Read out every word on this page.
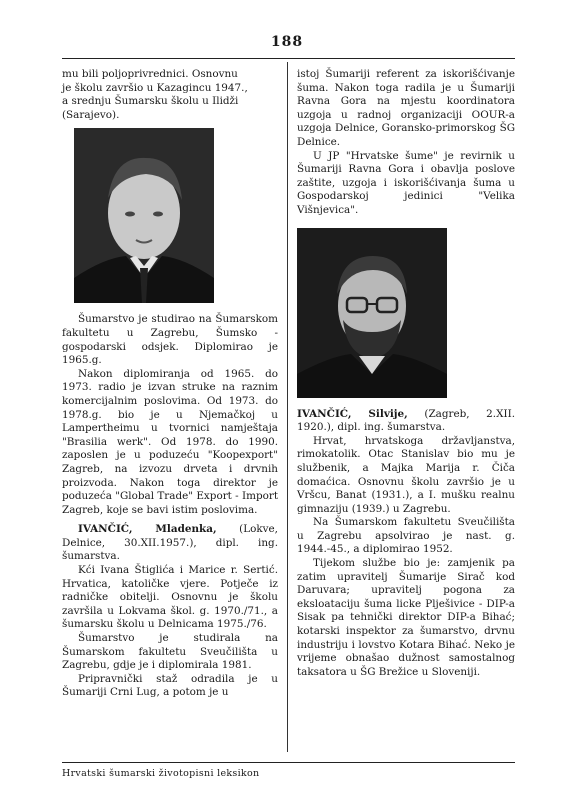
188

mu bili poljoprivrednici. Osnovnu

je školu završio u Kazagincu 1947.,

a srednju Šumarsku školu u Ilidži

(Sarajevo).

Šumarstvo je studirao na Šumarskom fakultetu u Zagrebu, Šumsko - gospodarski odsjek. Diplomirao je 1965.g.

Nakon diplomiranja od 1965. do 1973. radio je izvan struke na raznim komercijalnim poslovima. Od 1973. do 1978.g. bio je u Njemačkoj u Lampertheimu u tvornici namještaja "Brasilia werk". Od 1978. do 1990. zaposlen je u poduzeću "Koopexport" Zagreb, na izvozu drveta i drvnih proizvoda. Nakon toga direktor je poduzeća "Global Trade" Export - Import Zagreb, koje se bavi istim poslovima.

IVANČIĆ, Mladenka, (Lokve, Delnice, 30.XII.1957.), dipl. ing. šumarstva.

Kći Ivana Štiglića i Marice r. Sertić. Hrvatica, katoličke vjere. Potječe iz radničke obitelji. Osnovnu je školu završila u Lokvama škol. g. 1970./71., a šumarsku školu u Delnicama 1975./76.

Šumarstvo je studirala na Šumarskom fakultetu Sveučilišta u Zagrebu, gdje je i diplomirala 1981.

Pripravnički staž odradila je u Šumariji Crni Lug, a potom je u

istoj Šumariji referent za iskorišćivanje šuma. Nakon toga radila je u Šumariji Ravna Gora na mjestu koordinatora uzgoja u radnoj organizaciji OOUR-a uzgoja Delnice, Goransko-primorskog ŠG Delnice.

U JP "Hrvatske šume" je revirnik u Šumariji Ravna Gora i obavlja poslove zaštite, uzgoja i iskorišćivanja šuma u Gospodarskoj jedinici "Velika Višnjevica".

IVANČIĆ, Silvije, (Zagreb, 2.XII. 1920.), dipl. ing. šumarstva.

Hrvat, hrvatskoga državljanstva, rimokatolik. Otac Stanislav bio mu je službenik, a Majka Marija r. Čiča domaćica. Osnovnu školu završio je u Vršcu, Banat (1931.), a I. mušku realnu gimnaziju (1939.) u Zagrebu.

Na Šumarskom fakultetu Sveučilišta u Zagrebu apsolvirao je nast. g. 1944.-45., a diplomirao 1952.

Tijekom službe bio je: zamjenik pa zatim upravitelj Šumarije Sirač kod Daruvara; upravitelj pogona za eksloataciju šuma licke Plješivice - DIP-a Sisak pa tehnički direktor DIP-a Bihać; kotarski inspektor za šumarstvo, drvnu industriju i lovstvo Kotara Bihać. Neko je vrijeme obnašao dužnost samostalnog taksatora u ŠG Brežice u Sloveniji.

Hrvatski šumarski životopisni leksikon
